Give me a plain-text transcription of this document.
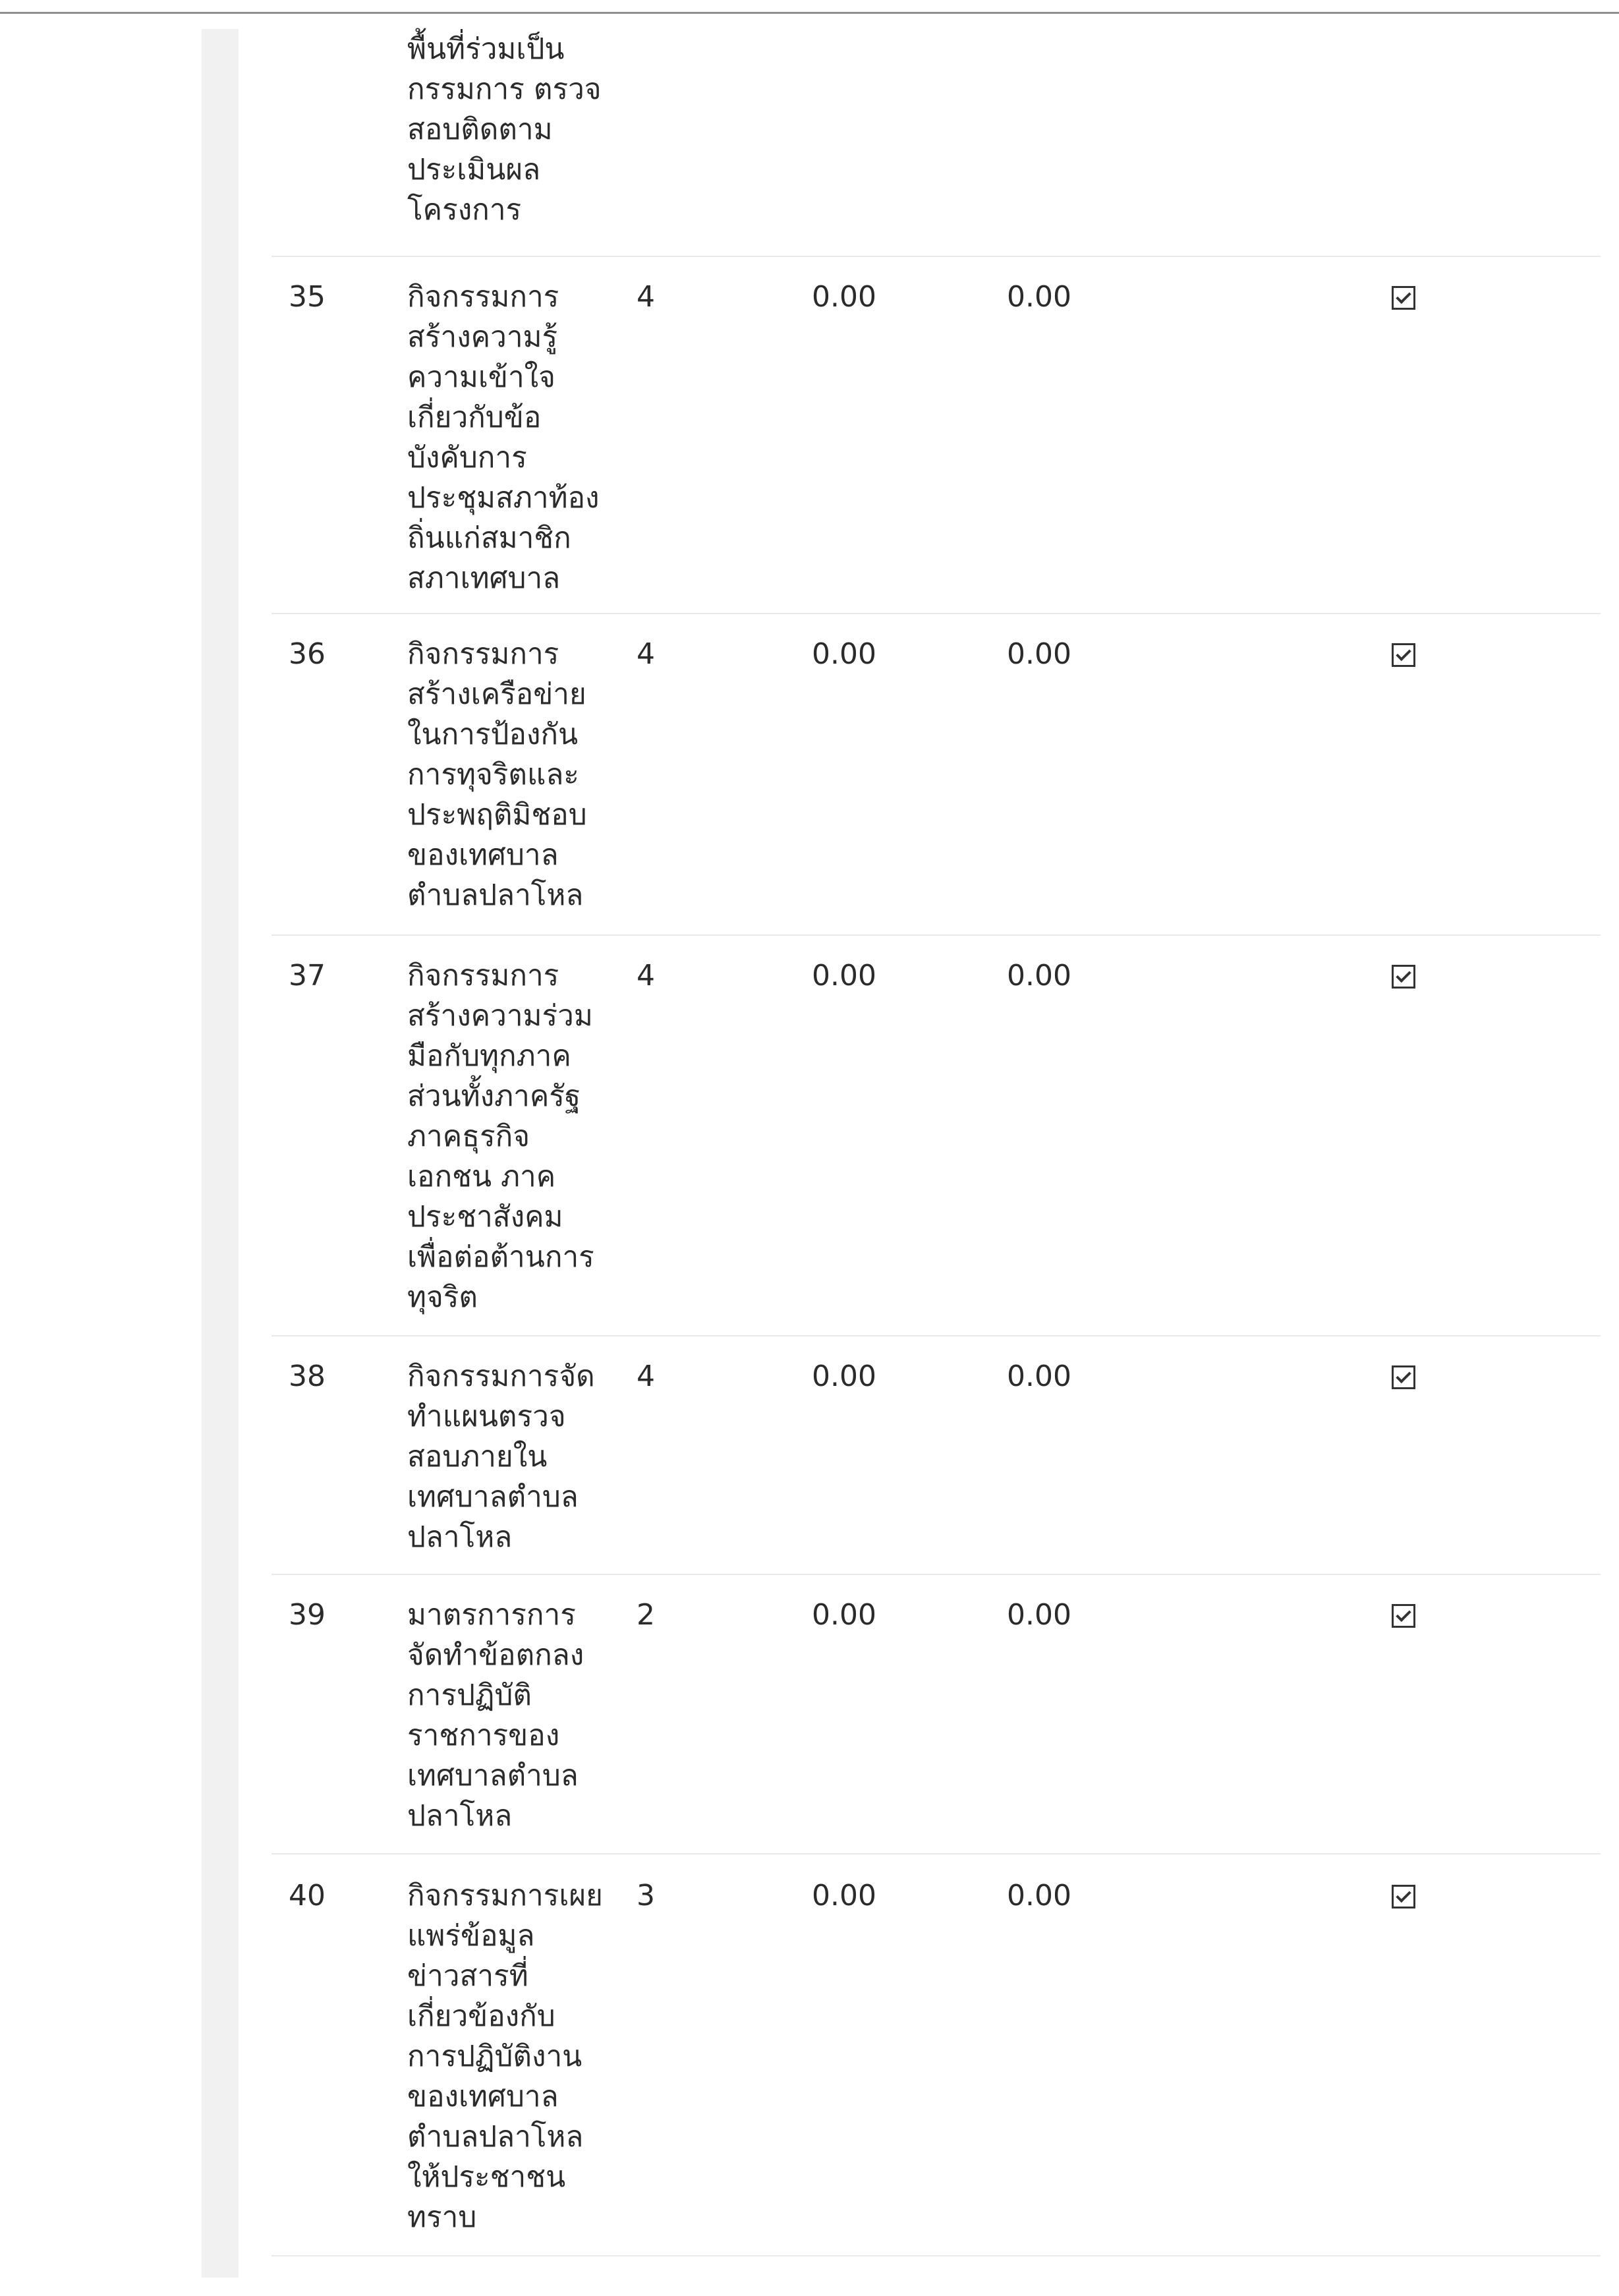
พื้นที่ร่วมเป็น
กรรมการ ตรวจ
สอบติดตาม
ประเมินผล
โครงการ
35	กิจกรรมการ
สร้างความรู้
ความเข้าใจ
เกี่ยวกับข้อ
บังคับการ
ประชุมสภาท้อง
ถิ่นแก่สมาชิก
สภาเทศบาล
4	0.00	0.00
36	กิจกรรมการ
สร้างเครือข่าย
ในการป้องกัน
การทุจริตและ
ประพฤติมิชอบ
ของเทศบาล
ตำบลปลาโหล
4	0.00	0.00
37	กิจกรรมการ
สร้างความร่วม
มือกับทุกภาค
ส่วนทั้งภาครัฐ
ภาคธุรกิจ
เอกชน ภาค
ประชาสังคม
เพื่อต่อต้านการ
ทุจริต
4	0.00	0.00
38	กิจกรรมการจัด
ทำแผนตรวจ
สอบภายใน
เทศบาลตำบล
ปลาโหล
4	0.00	0.00
39	มาตรการการ
จัดทำข้อตกลง
การปฏิบัติ
ราชการของ
เทศบาลตำบล
ปลาโหล
2	0.00	0.00
40	กิจกรรมการเผย
แพร่ข้อมูล
ข่าวสารที่
เกี่ยวข้องกับ
การปฏิบัติงาน
ของเทศบาล
ตำบลปลาโหล
ให้ประชาชน
ทราบ
3	0.00	0.00
